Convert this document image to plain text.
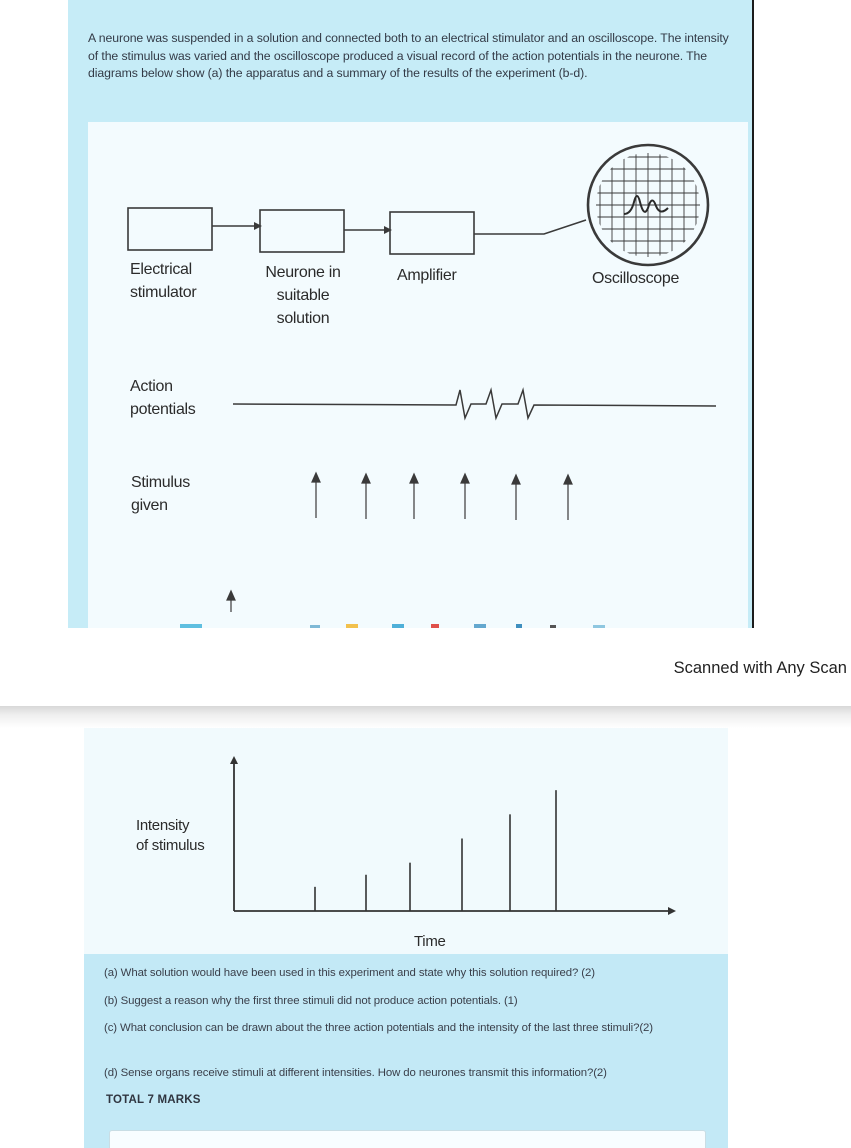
A neurone was suspended in a solution and connected both to an electrical stimulator and an oscilloscope. The intensity of the stimulus was varied and the oscilloscope produced a visual record of the action potentials in the neurone. The diagrams below show (a) the apparatus and a summary of the results of the experiment (b-d).
Electrical
stimulator
Neurone in
suitable
solution
Amplifier	Oscilloscope
Action
potentials
Stimulus
given
Scanned with Any Scan
Intensity
of stimulus
Time
(a) What solution would have been used in this experiment and state why this solution required? (2)
(b) Suggest a reason why the first three stimuli did not produce action potentials. (1)
(c) What conclusion can be drawn about the three action potentials and the intensity of the last three stimuli?(2)
(d) Sense organs receive stimuli at different intensities. How do neurones transmit this information?(2)
TOTAL 7 MARKS
